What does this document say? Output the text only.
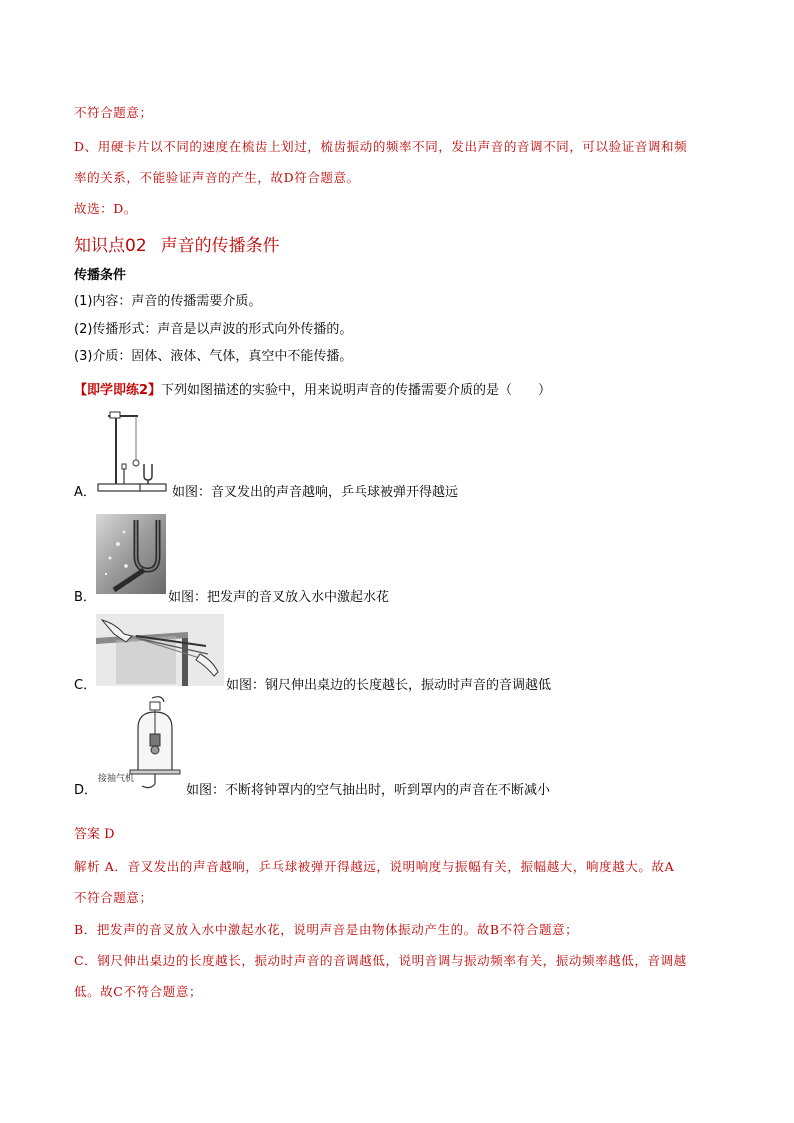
不符合题意；
D、用硬卡片以不同的速度在梳齿上划过，梳齿振动的频率不同，发出声音的音调不同，可以验证音调和频
率的关系，不能验证声音的产生，故D符合题意。
故选：D。
知识点02 声音的传播条件
传播条件
(1)内容：声音的传播需要介质。
(2)传播形式：声音是以声波的形式向外传播的。
(3)介质：固体、液体、气体，真空中不能传播。
【即学即练2】下列如图描述的实验中，用来说明声音的传播需要介质的是（　　）
A．	如图：音叉发出的声音越响，乒乓球被弹开得越远
B．	如图：把发声的音叉放入水中激起水花
C．	如图：钢尺伸出桌边的长度越长，振动时声音的音调越低
接抽气机
D．	如图：不断将钟罩内的空气抽出时，听到罩内的声音在不断减小
答案 D
解析 A．音叉发出的声音越响，乒乓球被弹开得越远，说明响度与振幅有关，振幅越大，响度越大。故A
不符合题意；
B．把发声的音叉放入水中激起水花，说明声音是由物体振动产生的。故B不符合题意；
C．钢尺伸出桌边的长度越长，振动时声音的音调越低，说明音调与振动频率有关，振动频率越低，音调越
低。故C不符合题意；
